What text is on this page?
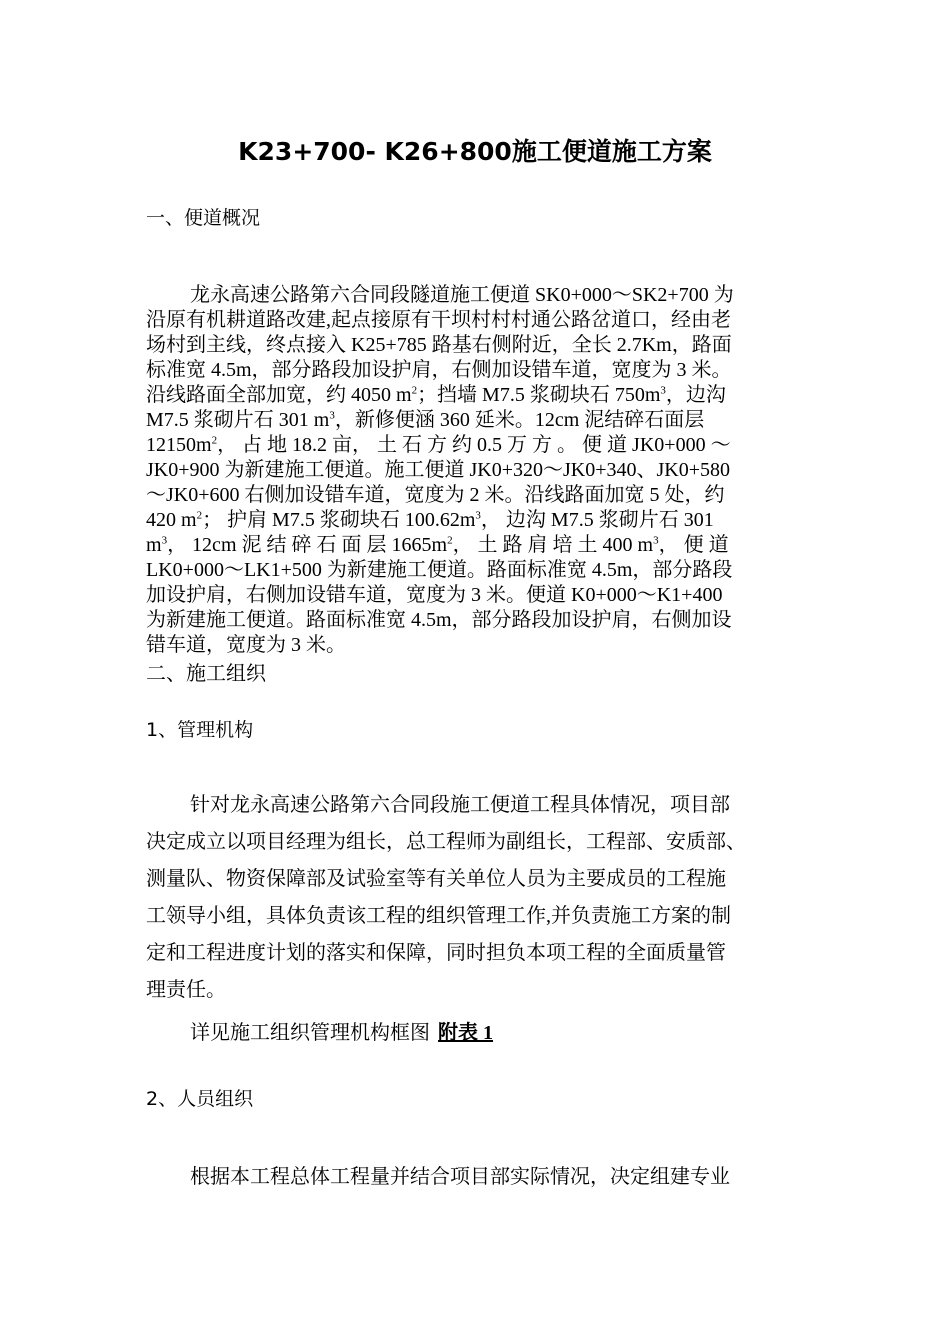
K23+700- K26+800施工便道施工方案
一、便道概况
龙永高速公路第六合同段隧道施工便道 SK0+000～SK2+700 为
沿原有机耕道路改建,起点接原有干坝村村村通公路岔道口，经由老
场村到主线，终点接入 K25+785 路基右侧附近，全长 2.7Km，路面
标准宽 4.5m，部分路段加设护肩，右侧加设错车道，宽度为 3 米。
沿线路面全部加宽，约 4050 $m^2$；挡墙 M7.5 浆砌块石 $750m^3$，边沟
M7.5 浆砌片石 301 $m^3$，新修便涵 360 延米。12cm 泥结碎石面层
$12150m^2$， 占 地 18.2 亩， 土 石 方 约 0.5 万 方 。 便 道 JK0+000 ～
JK0+900 为新建施工便道。施工便道 JK0+320～JK0+340、JK0+580
～JK0+600 右侧加设错车道，宽度为 2 米。沿线路面加宽 5 处，约
420 $m^2$； 护肩 M7.5 浆砌块石 $100.62m^3$， 边沟 M7.5 浆砌片石 301
$m^3$， 12cm 泥 结 碎 石 面 层 $1665m^2$， 土 路 肩 培 土 400 $m^3$， 便 道
LK0+000～LK1+500 为新建施工便道。路面标准宽 4.5m，部分路段
加设护肩，右侧加设错车道，宽度为 3 米。便道 K0+000～K1+400
为新建施工便道。路面标准宽 4.5m，部分路段加设护肩，右侧加设
错车道，宽度为 3 米。
二、施工组织
1、管理机构
针对龙永高速公路第六合同段施工便道工程具体情况，项目部
决定成立以项目经理为组长，总工程师为副组长，工程部、安质部、
测量队、物资保障部及试验室等有关单位人员为主要成员的工程施
工领导小组，具体负责该工程的组织管理工作,并负责施工方案的制
定和工程进度计划的落实和保障，同时担负本项工程的全面质量管
理责任。
详见施工组织管理机构框图 附表 1
2、人员组织
根据本工程总体工程量并结合项目部实际情况，决定组建专业
